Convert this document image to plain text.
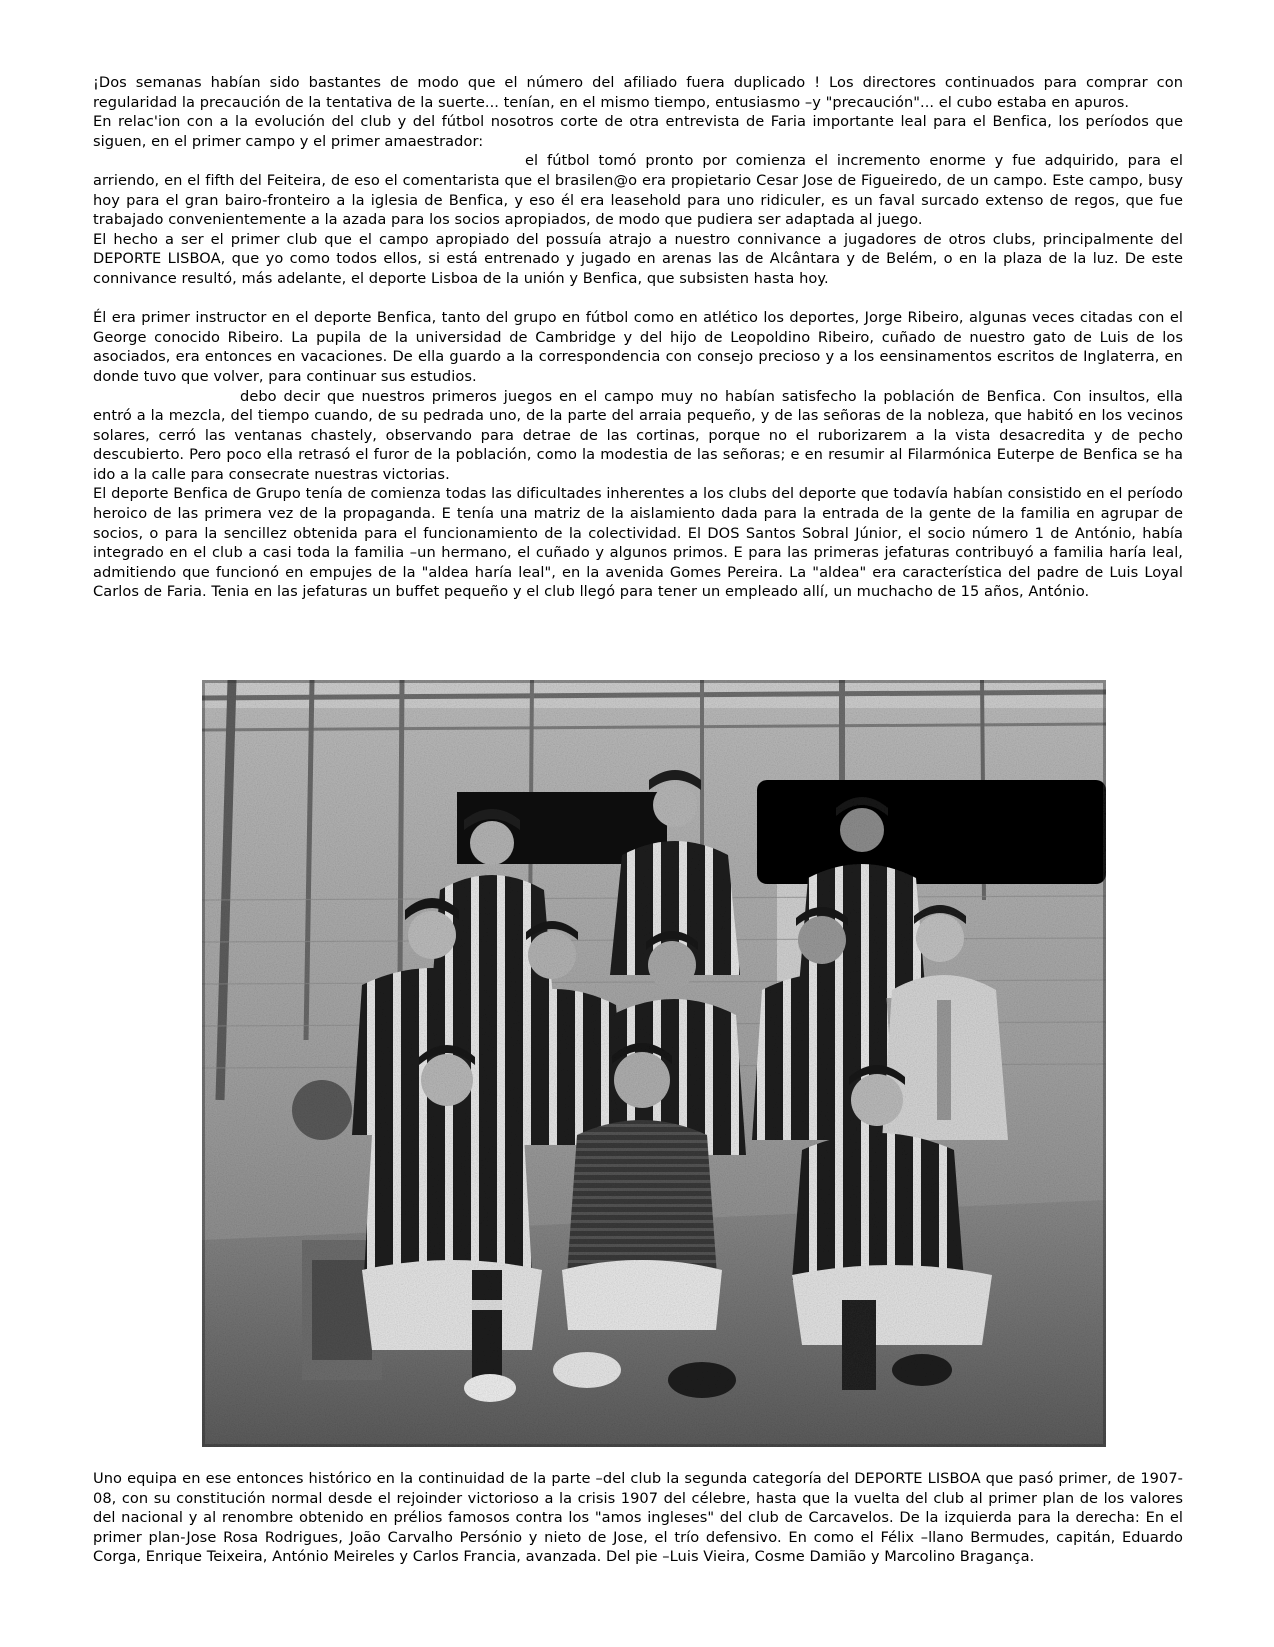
¡Dos semanas habían sido bastantes de modo que el número del afiliado fuera duplicado ! Los directores continuados para comprar con regularidad la precaución de la tentativa de la suerte... tenían, en el mismo tiempo, entusiasmo –y "precaución"... el cubo estaba en apuros.

En relac'ion con a la evolución del club y del fútbol nosotros corte de otra entrevista de Faria importante leal para el Benfica, los períodos que siguen, en el primer campo y el primer amaestrador:

el fútbol tomó pronto por comienza el incremento enorme y fue adquirido, para el arriendo, en el fifth del Feiteira, de eso el comentarista que el brasilen@o era propietario Cesar Jose de Figueiredo, de un campo. Este campo, busy hoy para el gran bairo-fronteiro a la iglesia de Benfica, y eso él era leasehold para uno ridiculer, es un faval surcado extenso de regos, que fue trabajado convenientemente a la azada para los socios apropiados, de modo que pudiera ser adaptada al juego.

El hecho a ser el primer club que el campo apropiado del possuía atrajo a nuestro connivance a jugadores de otros clubs, principalmente del DEPORTE LISBOA, que yo como todos ellos, si está entrenado y jugado en arenas las de Alcântara y de Belém, o en la plaza de la luz. De este connivance resultó, más adelante, el deporte Lisboa de la unión y Benfica, que subsisten hasta hoy.

Él era primer instructor en el deporte Benfica, tanto del grupo en fútbol como en atlético los deportes, Jorge Ribeiro, algunas veces citadas con el George conocido Ribeiro. La pupila de la universidad de Cambridge y del hijo de Leopoldino Ribeiro, cuñado de nuestro gato de Luis de los asociados, era entonces en vacaciones. De ella guardo a la correspondencia con consejo precioso y a los eensinamentos escritos de Inglaterra, en donde tuvo que volver, para continuar sus estudios.

debo decir que nuestros primeros juegos en el campo muy no habían satisfecho la población de Benfica. Con insultos, ella entró a la mezcla, del tiempo cuando, de su pedrada uno, de la parte del arraia pequeño, y de las señoras de la nobleza, que habitó en los vecinos solares, cerró las ventanas chastely, observando para detrae de las cortinas, porque no el ruborizarem a la vista desacredita y de pecho descubierto. Pero poco ella retrasó el furor de la población, como la modestia de las señoras; e en resumir al Filarmónica Euterpe de Benfica se ha ido a la calle para consecrate nuestras victorias.

El deporte Benfica de Grupo tenía de comienza todas las dificultades inherentes a los clubs del deporte que todavía habían consistido en el período heroico de las primera vez de la propaganda. E tenía una matriz de la aislamiento dada para la entrada de la gente de la familia en agrupar de socios, o para la sencillez obtenida para el funcionamiento de la colectividad. El DOS Santos Sobral Júnior, el socio número 1 de António, había integrado en el club a casi toda la familia –un hermano, el cuñado y algunos primos. E para las primeras jefaturas contribuyó a familia haría leal, admitiendo que funcionó en empujes de la "aldea haría leal", en la avenida Gomes Pereira. La "aldea" era característica del padre de Luis Loyal Carlos de Faria. Tenia en las jefaturas un buffet pequeño y el club llegó para tener un empleado allí, un muchacho de 15 años, António.

Uno equipa en ese entonces histórico en la continuidad de la parte –del club la segunda categoría del DEPORTE LISBOA que pasó primer, de 1907-08, con su constitución normal desde el rejoinder victorioso a la crisis 1907 del célebre, hasta que la vuelta del club al primer plan de los valores del nacional y al renombre obtenido en prélios famosos contra los "amos ingleses" del club de Carcavelos. De la izquierda para la derecha: En el primer plan-Jose Rosa Rodrigues, João Carvalho Persónio y nieto de Jose, el trío defensivo. En como el Félix –llano Bermudes, capitán, Eduardo Corga, Enrique Teixeira, António Meireles y Carlos Francia, avanzada. Del pie –Luis Vieira, Cosme Damião y Marcolino Bragança.
